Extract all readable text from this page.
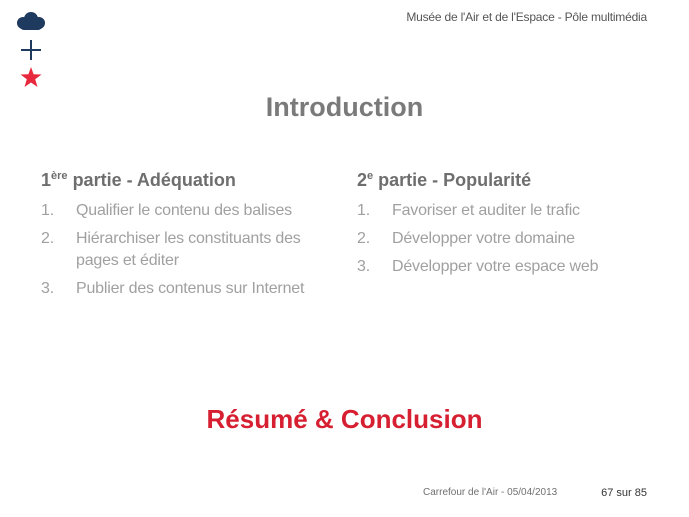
Musée de l'Air et de l'Espace - Pôle multimédia
Introduction
1ère partie - Adéquation
1. Qualifier le contenu des balises
2. Hiérarchiser les constituants des pages et éditer
3. Publier des contenus sur Internet
2e partie - Popularité
1. Favoriser et auditer le trafic
2. Développer votre domaine
3. Développer votre espace web
Résumé & Conclusion
Carrefour de l'Air - 05/04/2013	67 sur 85
